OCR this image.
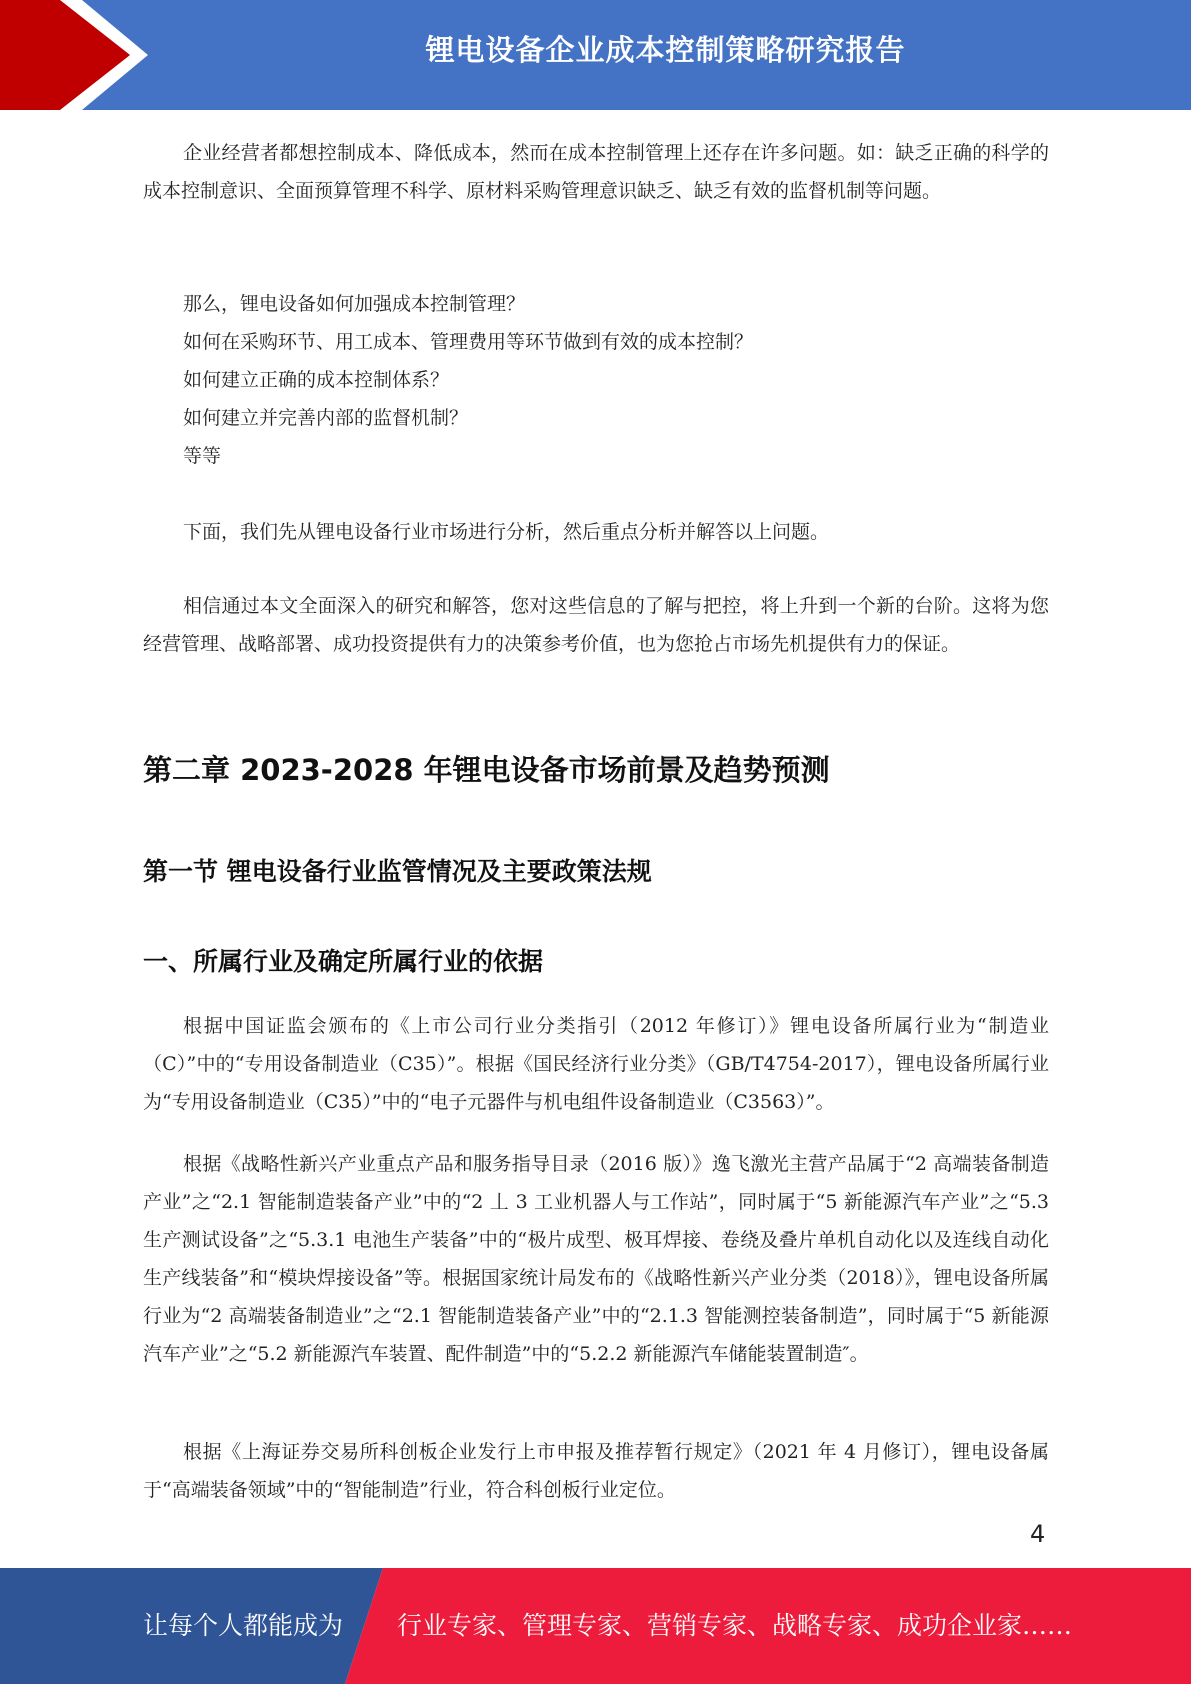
锂电设备企业成本控制策略研究报告

企业经营者都想控制成本、降低成本，然而在成本控制管理上还存在许多问题。如：缺乏正确的科学的成本控制意识、全面预算管理不科学、原材料采购管理意识缺乏、缺乏有效的监督机制等问题。

那么，锂电设备如何加强成本控制管理？

如何在采购环节、用工成本、管理费用等环节做到有效的成本控制？

如何建立正确的成本控制体系？

如何建立并完善内部的监督机制？

等等

下面，我们先从锂电设备行业市场进行分析，然后重点分析并解答以上问题。

相信通过本文全面深入的研究和解答，您对这些信息的了解与把控，将上升到一个新的台阶。这将为您经营管理、战略部署、成功投资提供有力的决策参考价值，也为您抢占市场先机提供有力的保证。

第二章 2023-2028 年锂电设备市场前景及趋势预测
第一节 锂电设备行业监管情况及主要政策法规
一、所属行业及确定所属行业的依据

根据中国证监会颁布的《上市公司行业分类指引（2012 年修订）》锂电设备所属行业为“制造业（C）”中的“专用设备制造业（C35）”。根据《国民经济行业分类》（GB/T4754-2017），锂电设备所属行业为“专用设备制造业（C35）”中的“电子元器件与机电组件设备制造业（C3563）”。

根据《战略性新兴产业重点产品和服务指导目录（2016 版）》逸飞激光主营产品属于“2 高端装备制造产业”之“2.1 智能制造装备产业”中的“2 丄 3 工业机器人与工作站”，同时属于“5 新能源汽车产业”之“5.3 生产测试设备”之“5.3.1 电池生产装备”中的“极片成型、极耳焊接、卷绕及叠片单机自动化以及连线自动化生产线装备”和“模块焊接设备”等。根据国家统计局发布的《战略性新兴产业分类（2018）》，锂电设备所属行业为“2 高端装备制造业”之“2.1 智能制造装备产业”中的“2.1.3 智能测控装备制造”，同时属于“5 新能源汽车产业”之“5.2 新能源汽车装置、配件制造”中的“5.2.2 新能源汽车储能装置制造″。

根据《上海证券交易所科创板企业发行上市申报及推荐暂行规定》（2021 年 4 月修订），锂电设备属于“高端装备领域”中的“智能制造”行业，符合科创板行业定位。

4
让每个人都能成为 行业专家、管理专家、营销专家、战略专家、成功企业家……
